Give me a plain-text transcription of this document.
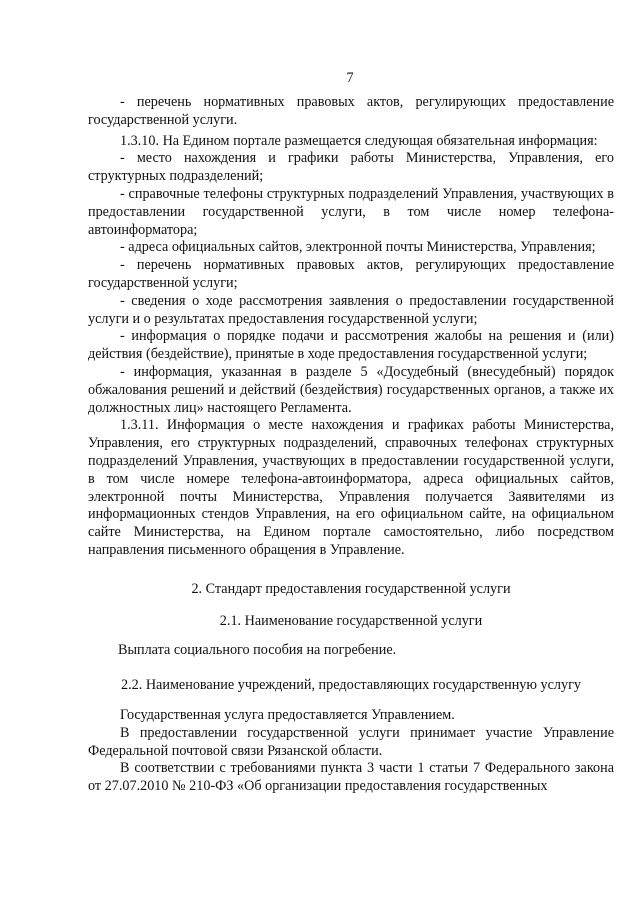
7

- перечень нормативных правовых актов, регулирующих предоставление государственной услуги.

1.3.10. На Едином портале размещается следующая обязательная информация:

- место нахождения и графики работы Министерства, Управления, его структурных подразделений;

- справочные телефоны структурных подразделений Управления, участвующих в предоставлении государственной услуги, в том числе номер телефона-автоинформатора;

- адреса официальных сайтов, электронной почты Министерства, Управления;

- перечень нормативных правовых актов, регулирующих предоставление государственной услуги;

- сведения о ходе рассмотрения заявления о предоставлении государственной услуги и о результатах предоставления государственной услуги;

- информация о порядке подачи и рассмотрения жалобы на решения и (или) действия (бездействие), принятые в ходе предоставления государственной услуги;

- информация, указанная в разделе 5 «Досудебный (внесудебный) порядок обжалования решений и действий (бездействия) государственных органов, а также их должностных лиц» настоящего Регламента.

1.3.11. Информация о месте нахождения и графиках работы Министерства, Управления, его структурных подразделений, справочных телефонах структурных подразделений Управления, участвующих в предоставлении государственной услуги, в том числе номере телефона-автоинформатора, адреса официальных сайтов, электронной почты Министерства, Управления получается Заявителями из информационных стендов Управления, на его официальном сайте, на официальном сайте Министерства, на Едином портале самостоятельно, либо посредством направления письменного обращения в Управление.

2. Стандарт предоставления государственной услуги

2.1. Наименование государственной услуги

Выплата социального пособия на погребение.

2.2. Наименование учреждений, предоставляющих государственную услугу

Государственная услуга предоставляется Управлением.

В предоставлении государственной услуги принимает участие Управление Федеральной почтовой связи Рязанской области.

В соответствии с требованиями пункта 3 части 1 статьи 7 Федерального закона от 27.07.2010 № 210-ФЗ «Об организации предоставления государственных
